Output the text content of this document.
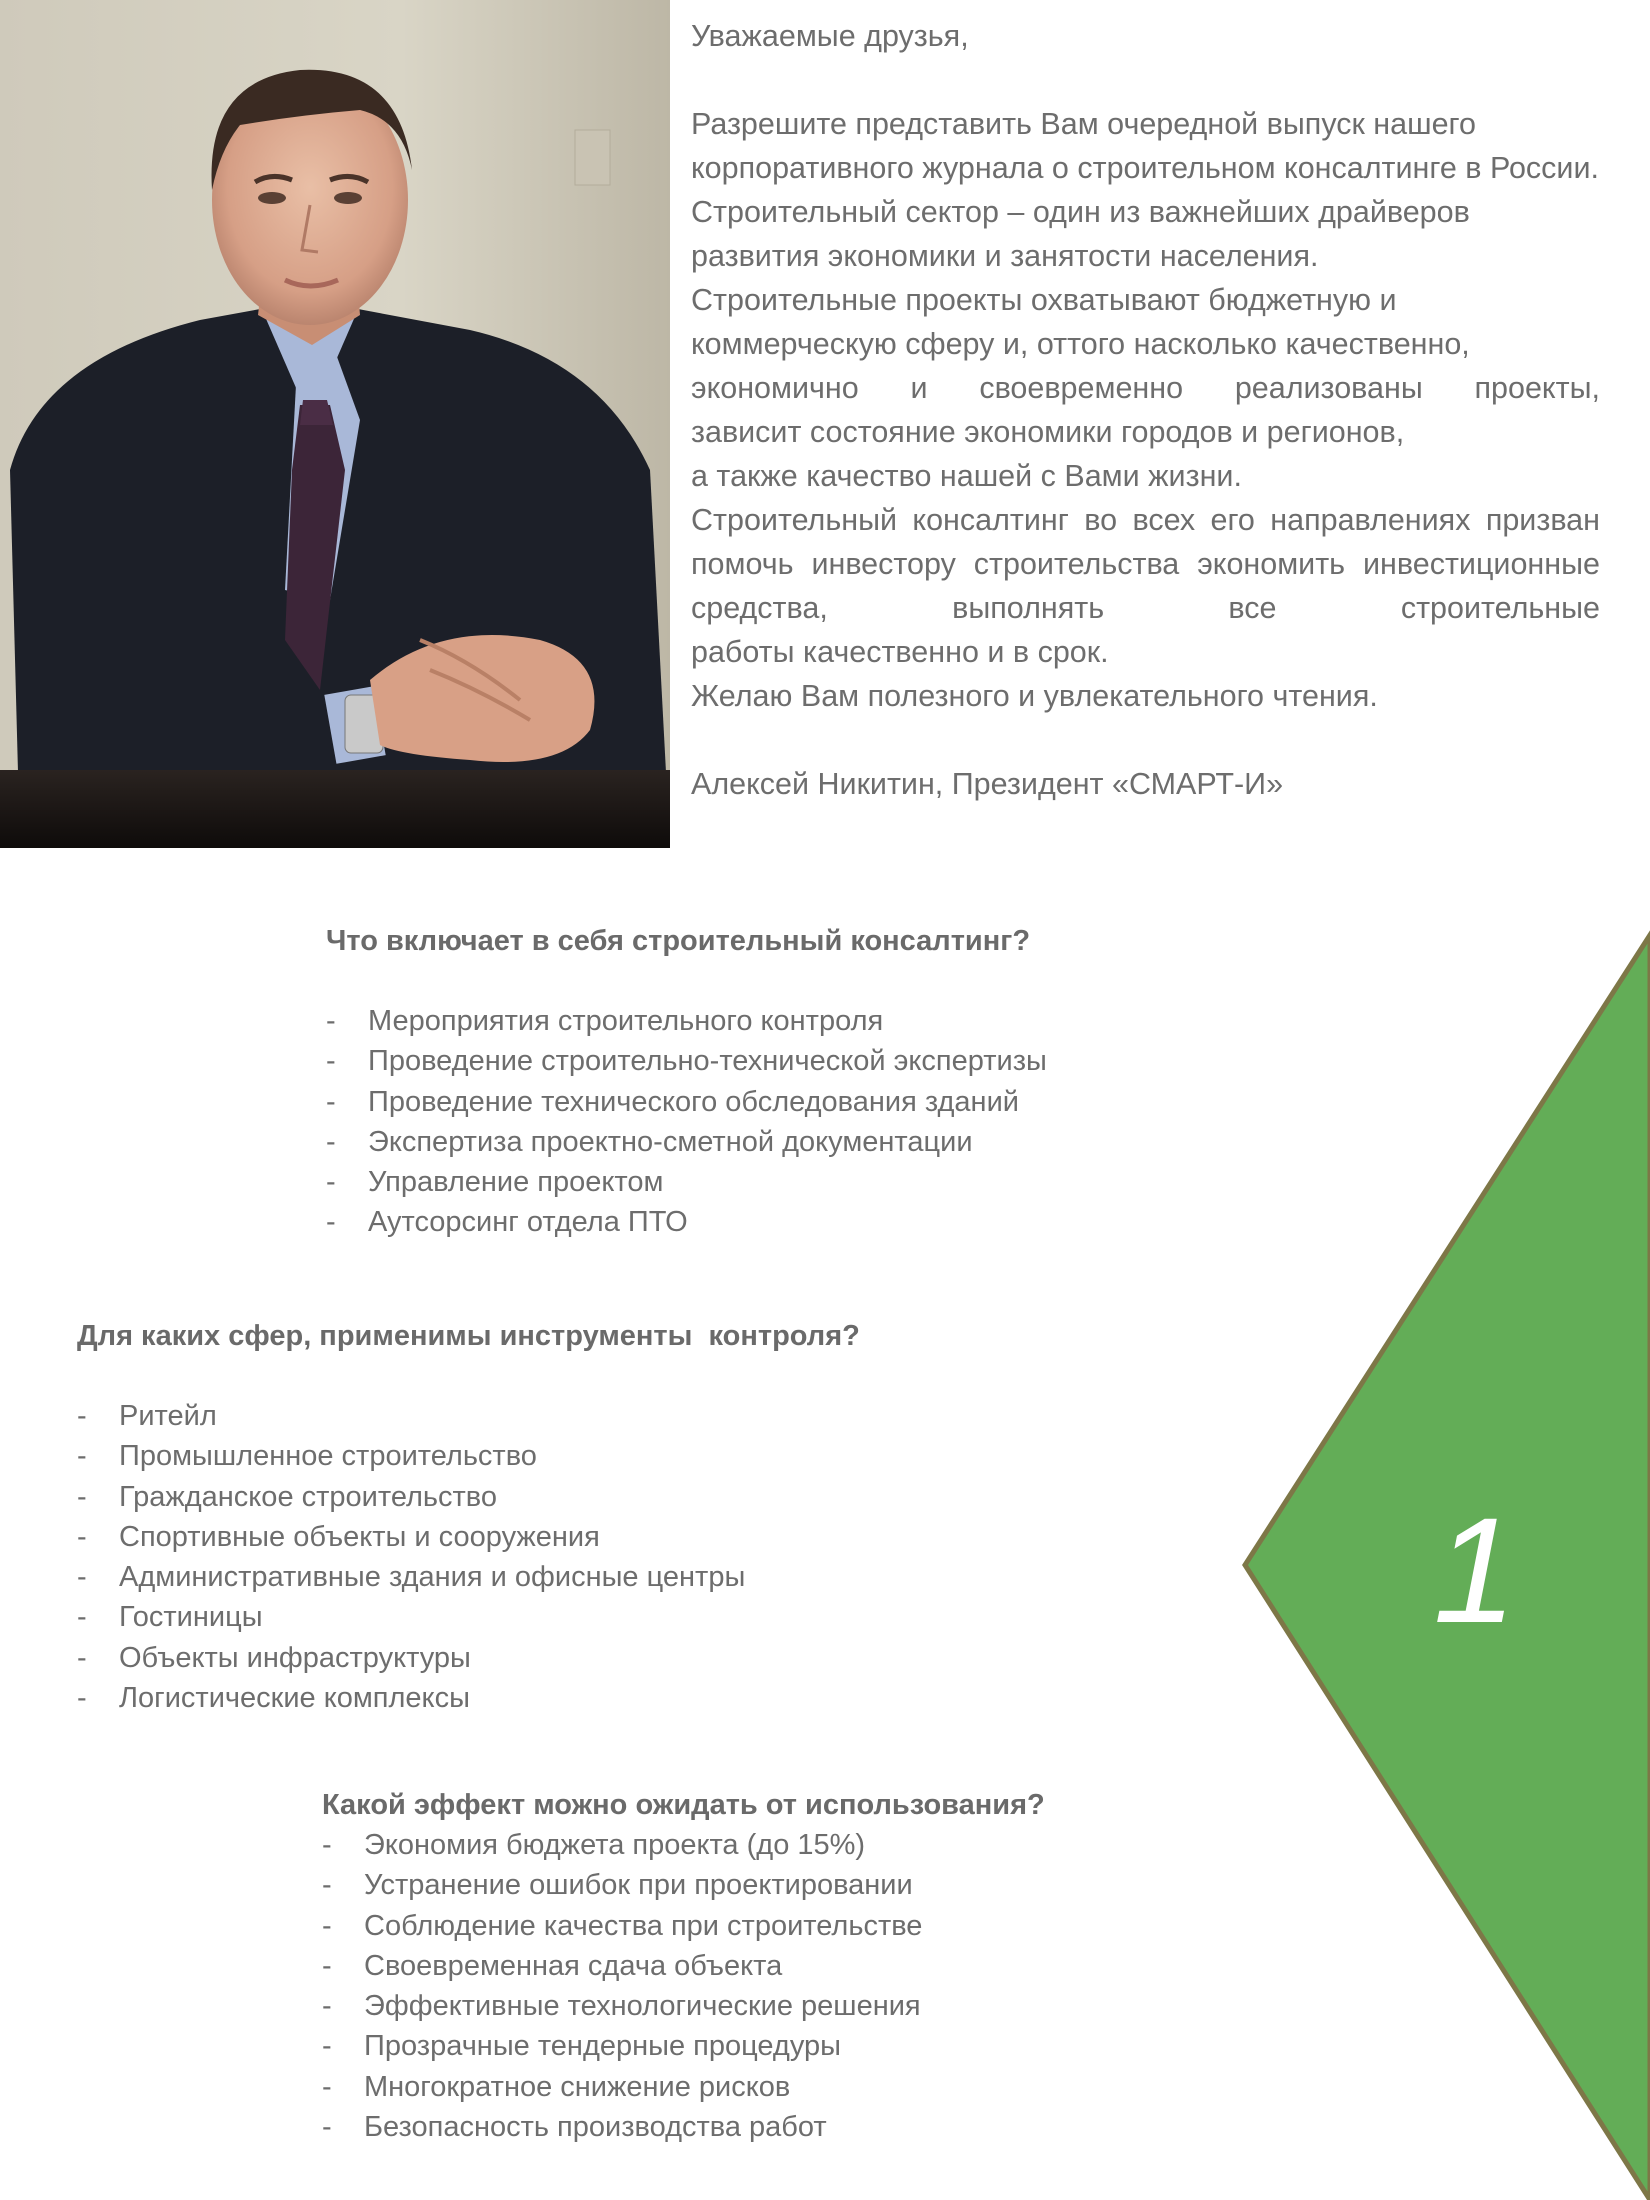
Уважаемые друзья,

Разрешите представить Вам очередной выпуск нашего корпоративного журнала о строительном консалтинге в России.

Строительный сектор – один из важнейших драйверов развития экономики и занятости населения.

Строительные проекты охватывают бюджетную и коммерческую сферу и, оттого насколько качественно,

экономично и своевременно реализованы проекты,

зависит состояние экономики городов и регионов,

а также качество нашей с Вами жизни.

Строительный консалтинг во всех его направлениях призван помочь инвестору строительства экономить инвестиционные средства, выполнять все строительные

работы качественно и в срок.

Желаю Вам полезного и увлекательного чтения.

Алексей Никитин, Президент «СМАРТ-И»

1
Что включает в себя строительный консалтинг?
- Мероприятия строительного контроля
- Проведение строительно-технической экспертизы
- Проведение технического обследования зданий
- Экспертиза проектно-сметной документации
- Управление проектом
- Аутсорсинг отдела ПТО
Для каких сфер, применимы инструменты  контроля?
- Ритейл
- Промышленное строительство
- Гражданское строительство
- Спортивные объекты и сооружения
- Административные здания и офисные центры
- Гостиницы
- Объекты инфраструктуры
- Логистические комплексы
Какой эффект можно ожидать от использования?
- Экономия бюджета проекта (до 15%)
- Устранение ошибок при проектировании
- Соблюдение качества при строительстве
- Своевременная сдача объекта
- Эффективные технологические решения
- Прозрачные тендерные процедуры
- Многократное снижение рисков
- Безопасность производства работ
